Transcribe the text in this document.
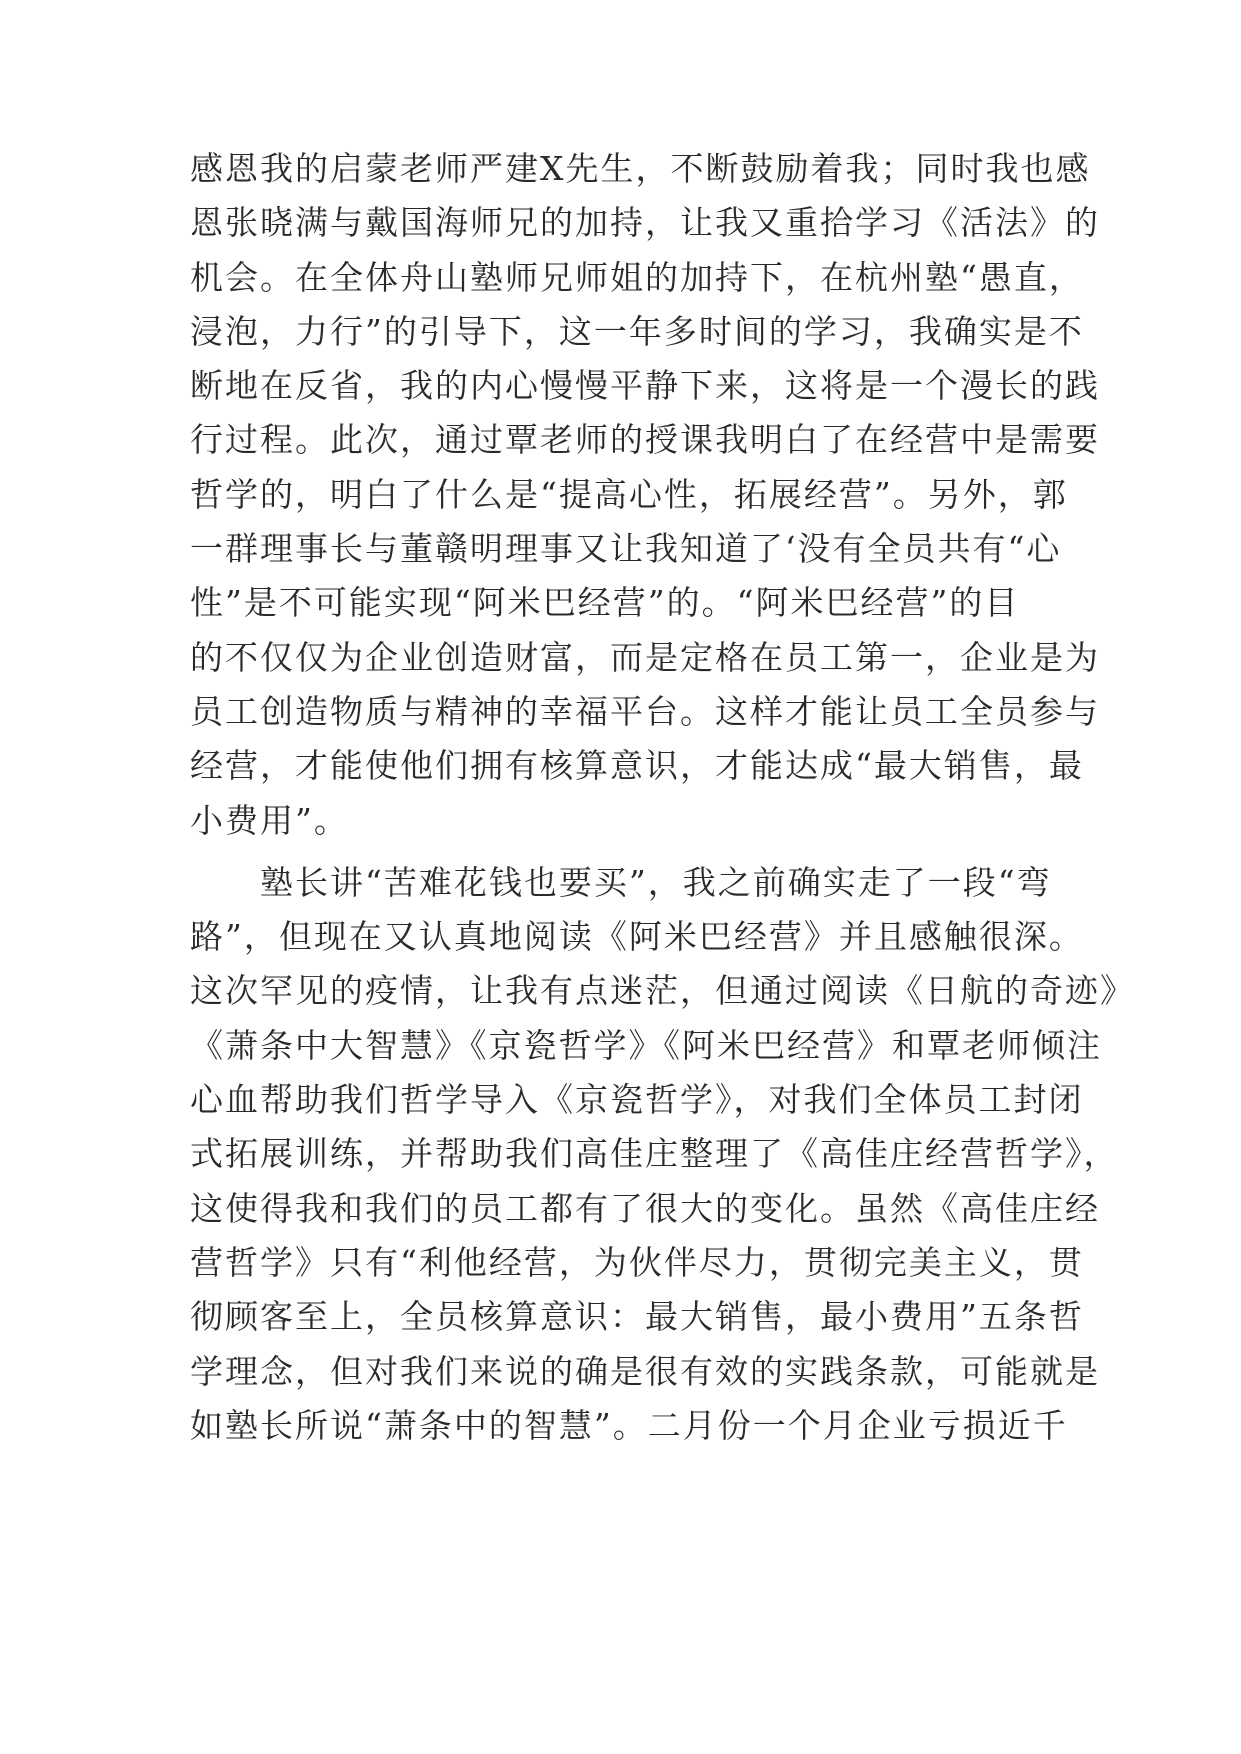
感恩我的启蒙老师严建X先生，不断鼓励着我；同时我也感
恩张晓满与戴国海师兄的加持，让我又重拾学习《活法》的
机会。在全体舟山塾师兄师姐的加持下，在杭州塾“愚直，
浸泡，力行”的引导下，这一年多时间的学习，我确实是不
断地在反省，我的内心慢慢平静下来，这将是一个漫长的践
行过程。此次，通过覃老师的授课我明白了在经营中是需要
哲学的，明白了什么是“提高心性，拓展经营”。另外，郭
一群理事长与董赣明理事又让我知道了‘没有全员共有“心
性”是不可能实现“阿米巴经营”的。“阿米巴经营”的目
的不仅仅为企业创造财富，而是定格在员工第一，企业是为
员工创造物质与精神的幸福平台。这样才能让员工全员参与
经营，才能使他们拥有核算意识，才能达成“最大销售，最
小费用”。
　　塾长讲“苦难花钱也要买”，我之前确实走了一段“弯
路”，但现在又认真地阅读《阿米巴经营》并且感触很深。
这次罕见的疫情，让我有点迷茫，但通过阅读《日航的奇迹》
《萧条中大智慧》《京瓷哲学》《阿米巴经营》和覃老师倾注
心血帮助我们哲学导入《京瓷哲学》，对我们全体员工封闭
式拓展训练，并帮助我们高佳庄整理了《高佳庄经营哲学》，
这使得我和我们的员工都有了很大的变化。虽然《高佳庄经
营哲学》只有“利他经营，为伙伴尽力，贯彻完美主义，贯
彻顾客至上，全员核算意识：最大销售，最小费用”五条哲
学理念，但对我们来说的确是很有效的实践条款，可能就是
如塾长所说“萧条中的智慧”。二月份一个月企业亏损近千
